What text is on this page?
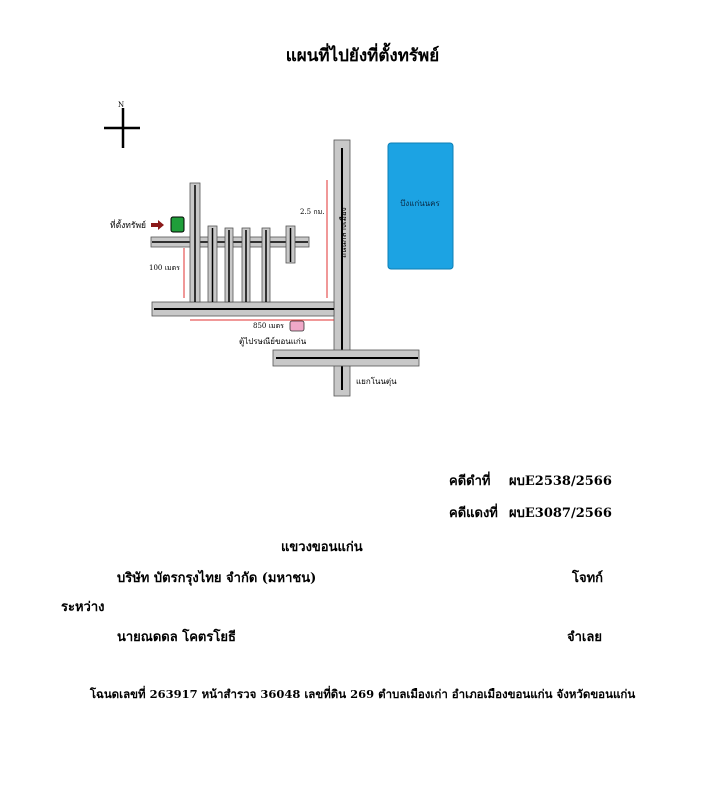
แผนที่ไปยังที่ตั้งทรัพย์
N
บึงแก่นนคร
ถนนกลางเมือง
แยกโนนตุ่น
2.5 กม.
100 เมตร
850 เมตร
ที่ตั้งทรัพย์
ตู้ไปรษณีย์ขอนแก่น
คดีดำที่ ผบE2538/2566
คดีแดงที่ ผบE3087/2566
แขวงขอนแก่น
บริษัท บัตรกรุงไทย จำกัด (มหาชน)	โจทก์
ระหว่าง
นายณดดล โคตรโยธี	จำเลย
โฉนดเลขที่ 263917 หน้าสำรวจ 36048 เลขที่ดิน 269 ตำบลเมืองเก่า อำเภอเมืองขอนแก่น จังหวัดขอนแก่น
